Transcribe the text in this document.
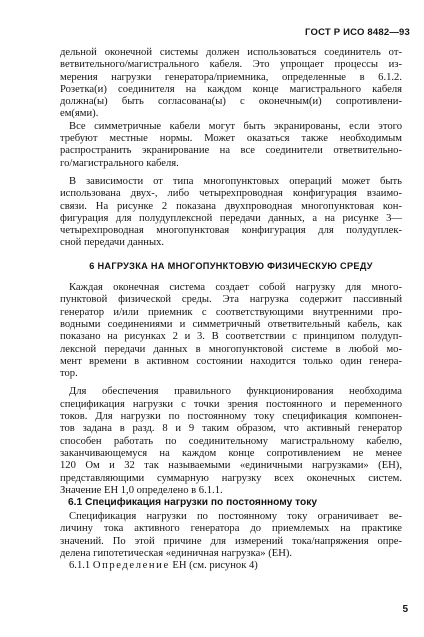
ГОСТ Р ИСО 8482—93
дельной оконечной системы должен использоваться соединитель от-
ветвительного/магистрального кабеля. Это упрощает процессы из-
мерения нагрузки генератора/приемника, определенные в 6.1.2.
Розетка(и) соединителя на каждом конце магистрального кабеля
должна(ы) быть согласована(ы) с оконечным(и) сопротивлени-
ем(ями).
Все симметричные кабели могут быть экранированы, если этого
требуют местные нормы. Может оказаться также необходимым
распространить экранирование на все соединители ответвительно-
го/магистрального кабеля.
В зависимости от типа многопунктовых операций может быть
использована двух-, либо четырехпроводная конфигурация взаимо-
связи. На рисунке 2 показана двухпроводная многопунктовая кон-
фигурация для полудуплексной передачи данных, а на рисунке 3—
четырехпроводная многопунктовая конфигурация для полудуплек-
сной передачи данных.
6 НАГРУЗКА НА МНОГОПУНКТОВУЮ ФИЗИЧЕСКУЮ СРЕДУ
Каждая оконечная система создает собой нагрузку для много-
пунктовой физической среды. Эта нагрузка содержит пассивный
генератор и/или приемник с соответствующими внутренними про-
водными соединениями и симметричный ответвительный кабель, как
показано на рисунках 2 и 3. В соответствии с принципом полудуп-
лексной передачи данных в многопунктовой системе в любой мо-
мент времени в активном состоянии находится только один генера-
тор.
Для обеспечения правильного функционирования необходима
спецификация нагрузки с точки зрения постоянного и переменного
токов. Для нагрузки по постоянному току спецификация компонен-
тов задана в разд. 8 и 9 таким образом, что активный генератор
способен работать по соединительному магистральному кабелю,
заканчивающемуся на каждом конце сопротивлением не менее
120 Ом и 32 так называемыми «единичными нагрузками» (ЕН),
представляющими суммарную нагрузку всех оконечных систем.
Значение ЕН 1,0 определено в 6.1.1.
6.1 Спецификация нагрузки по постоянному току
Спецификация нагрузки по постоянному току ограничивает ве-
личину тока активного генератора до приемлемых на практике
значений. По этой причине для измерений тока/напряжения опре-
делена гипотетическая «единичная нагрузка» (ЕН).
6.1.1 Определение ЕН (см. рисунок 4)
5
